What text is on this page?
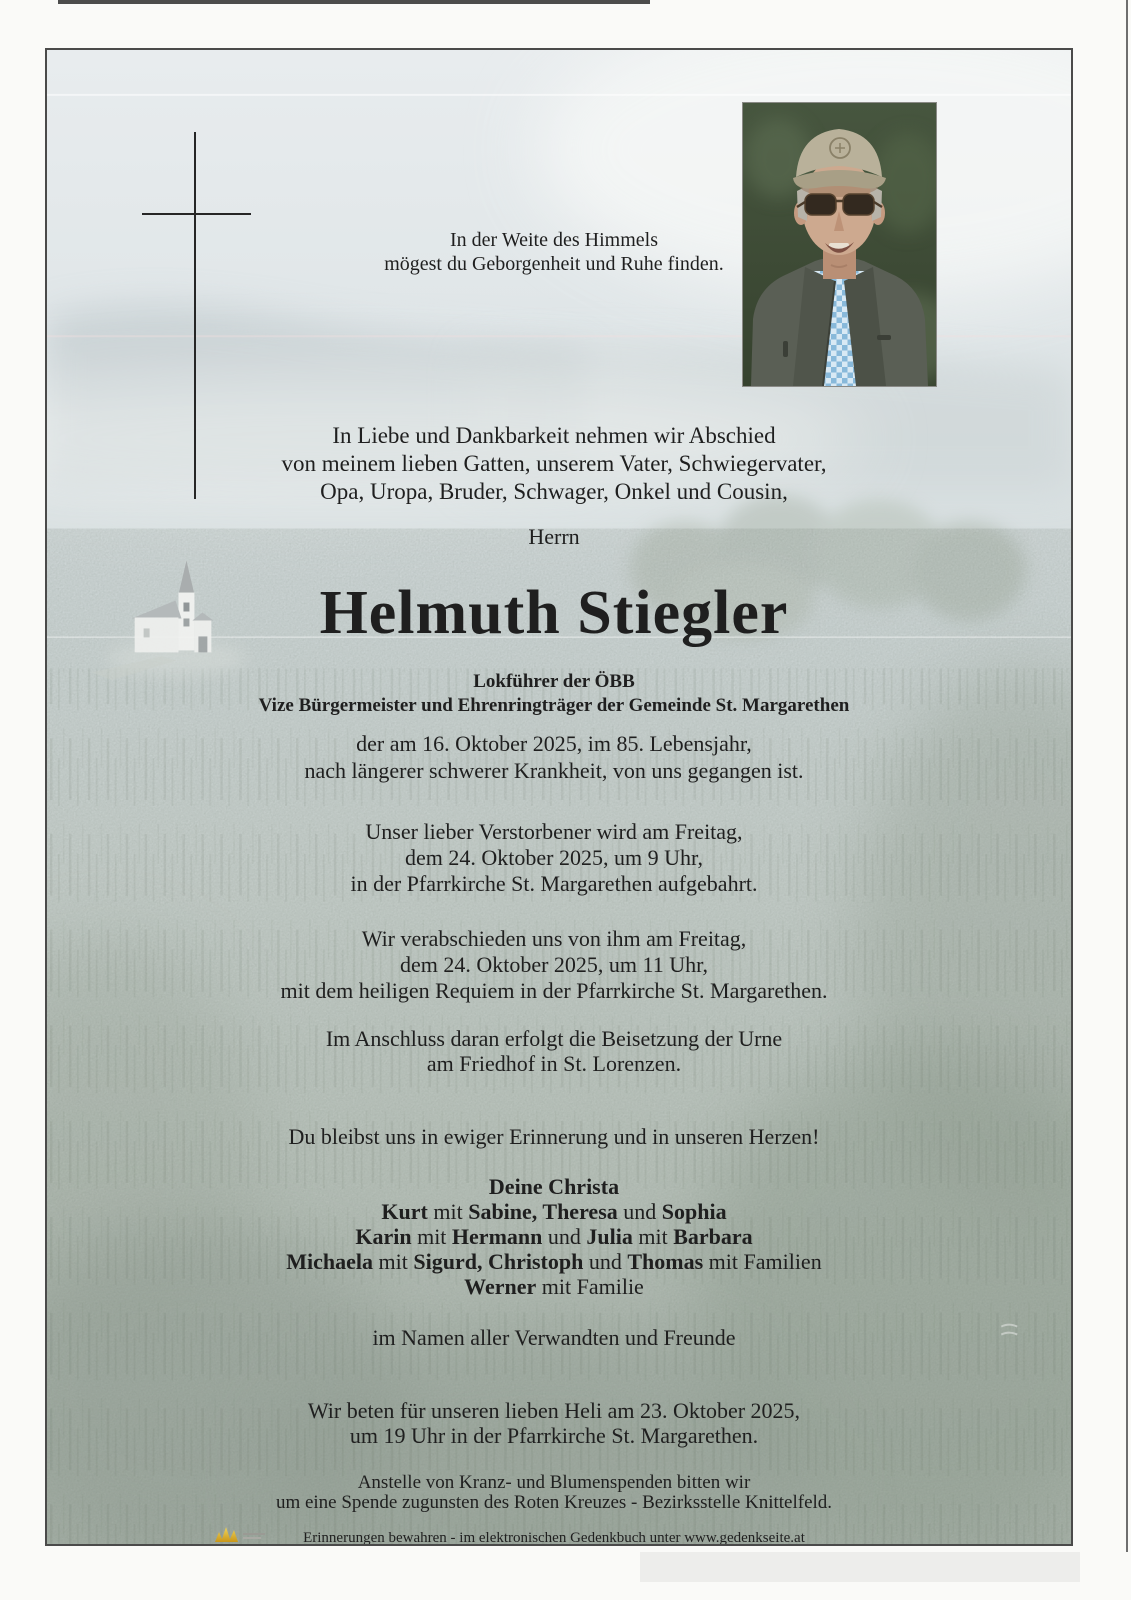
In der Weite des Himmels
mögest du Geborgenheit und Ruhe finden.
In Liebe und Dankbarkeit nehmen wir Abschied
von meinem lieben Gatten, unserem Vater, Schwiegervater,
Opa, Uropa, Bruder, Schwager, Onkel und Cousin,
Herrn
Helmuth Stiegler
Lokführer der ÖBB
Vize Bürgermeister und Ehrenringträger der Gemeinde St. Margarethen
der am 16. Oktober 2025, im 85. Lebensjahr,
nach längerer schwerer Krankheit, von uns gegangen ist.
Unser lieber Verstorbener wird am Freitag,
dem 24. Oktober 2025, um 9 Uhr,
in der Pfarrkirche St. Margarethen aufgebahrt.
Wir verabschieden uns von ihm am Freitag,
dem 24. Oktober 2025, um 11 Uhr,
mit dem heiligen Requiem in der Pfarrkirche St. Margarethen.
Im Anschluss daran erfolgt die Beisetzung der Urne
am Friedhof in St. Lorenzen.
Du bleibst uns in ewiger Erinnerung und in unseren Herzen!
Deine Christa
Kurt mit Sabine, Theresa und Sophia
Karin mit Hermann und Julia mit Barbara
Michaela mit Sigurd, Christoph und Thomas mit Familien
Werner mit Familie
im Namen aller Verwandten und Freunde
Wir beten für unseren lieben Heli am 23. Oktober 2025,
um 19 Uhr in der Pfarrkirche St. Margarethen.
Anstelle von Kranz- und Blumenspenden bitten wir
um eine Spende zugunsten des Roten Kreuzes - Bezirksstelle Knittelfeld.
Erinnerungen bewahren - im elektronischen Gedenkbuch unter www.gedenkseite.at
